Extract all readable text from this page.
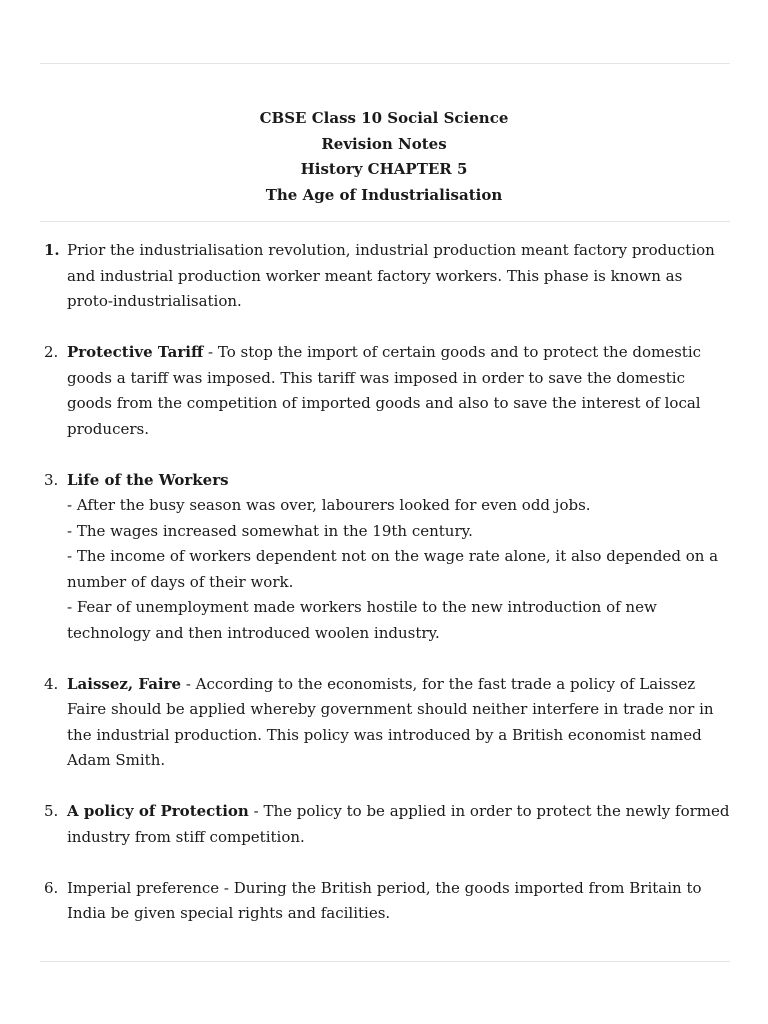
CBSE Class 10 Social Science
Revision Notes
History CHAPTER 5
The Age of Industrialisation
1. Prior the industrialisation revolution, industrial production meant factory production and industrial production worker meant factory workers. This phase is known as proto-industrialisation.
2. Protective Tariff - To stop the import of certain goods and to protect the domestic goods a tariff was imposed. This tariff was imposed in order to save the domestic goods from the competition of imported goods and also to save the interest of local producers.
3. Life of the Workers
- After the busy season was over, labourers looked for even odd jobs.
- The wages increased somewhat in the 19th century.
- The income of workers dependent not on the wage rate alone, it also depended on a number of days of their work.
- Fear of unemployment made workers hostile to the new introduction of new technology and then introduced woolen industry.
4. Laissez, Faire - According to the economists, for the fast trade a policy of Laissez Faire should be applied whereby government should neither interfere in trade nor in the industrial production. This policy was introduced by a British economist named Adam Smith.
5. A policy of Protection - The policy to be applied in order to protect the newly formed industry from stiff competition.
6. Imperial preference - During the British period, the goods imported from Britain to India be given special rights and facilities.
